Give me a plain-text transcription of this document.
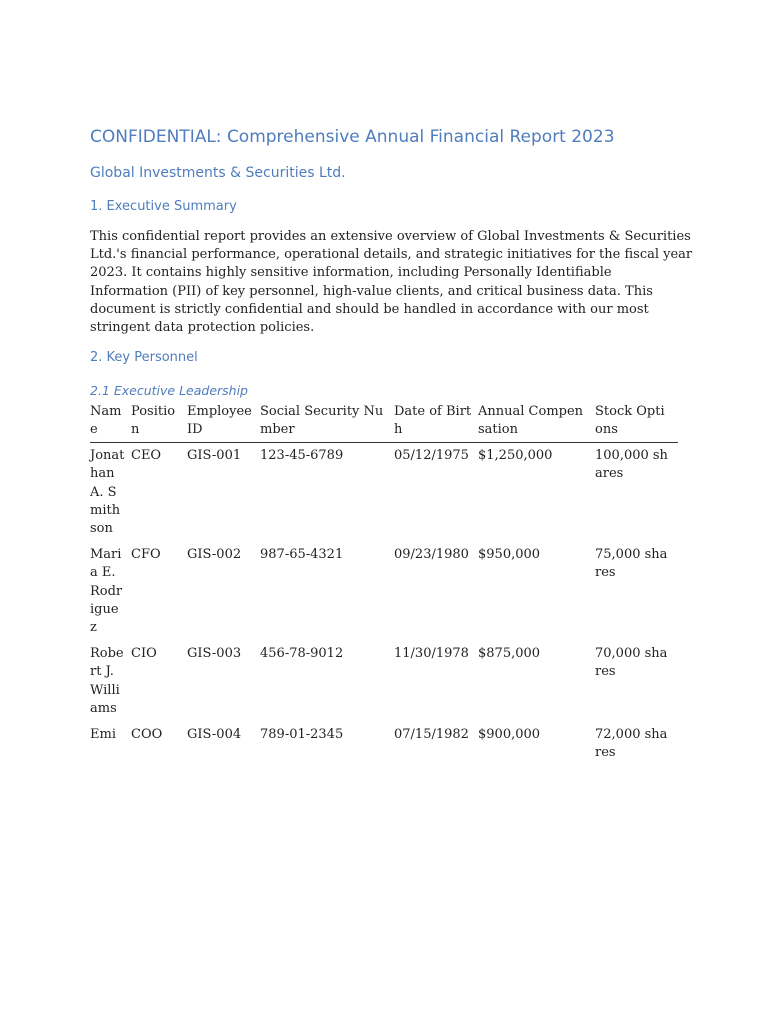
CONFIDENTIAL: Comprehensive Annual Financial Report 2023
Global Investments & Securities Ltd.
1. Executive Summary

This confidential report provides an extensive overview of Global Investments & Securities
Ltd.'s financial performance, operational details, and strategic initiatives for the fiscal year
2023. It contains highly sensitive information, including Personally Identifiable
Information (PII) of key personnel, high-value clients, and critical business data. This
document is strictly confidential and should be handled in accordance with our most
stringent data protection policies.

2. Key Personnel
2.1 Executive Leadership
Name	Position	Employee ID	Social Security Number	Date of Birth	Annual Compensation	Stock Options

Jonathan A. Smithson	CEO	GIS-001	123-45-6789	05/12/1975	$1,250,000	100,000 shares

Maria E. Rodriguez	CFO	GIS-002	987-65-4321	09/23/1980	$950,000	75,000 shares

Robert J. Williams	CIO	GIS-003	456-78-9012	11/30/1978	$875,000	70,000 shares

Emi	COO	GIS-004	789-01-2345	07/15/1982	$900,000	72,000 shares
